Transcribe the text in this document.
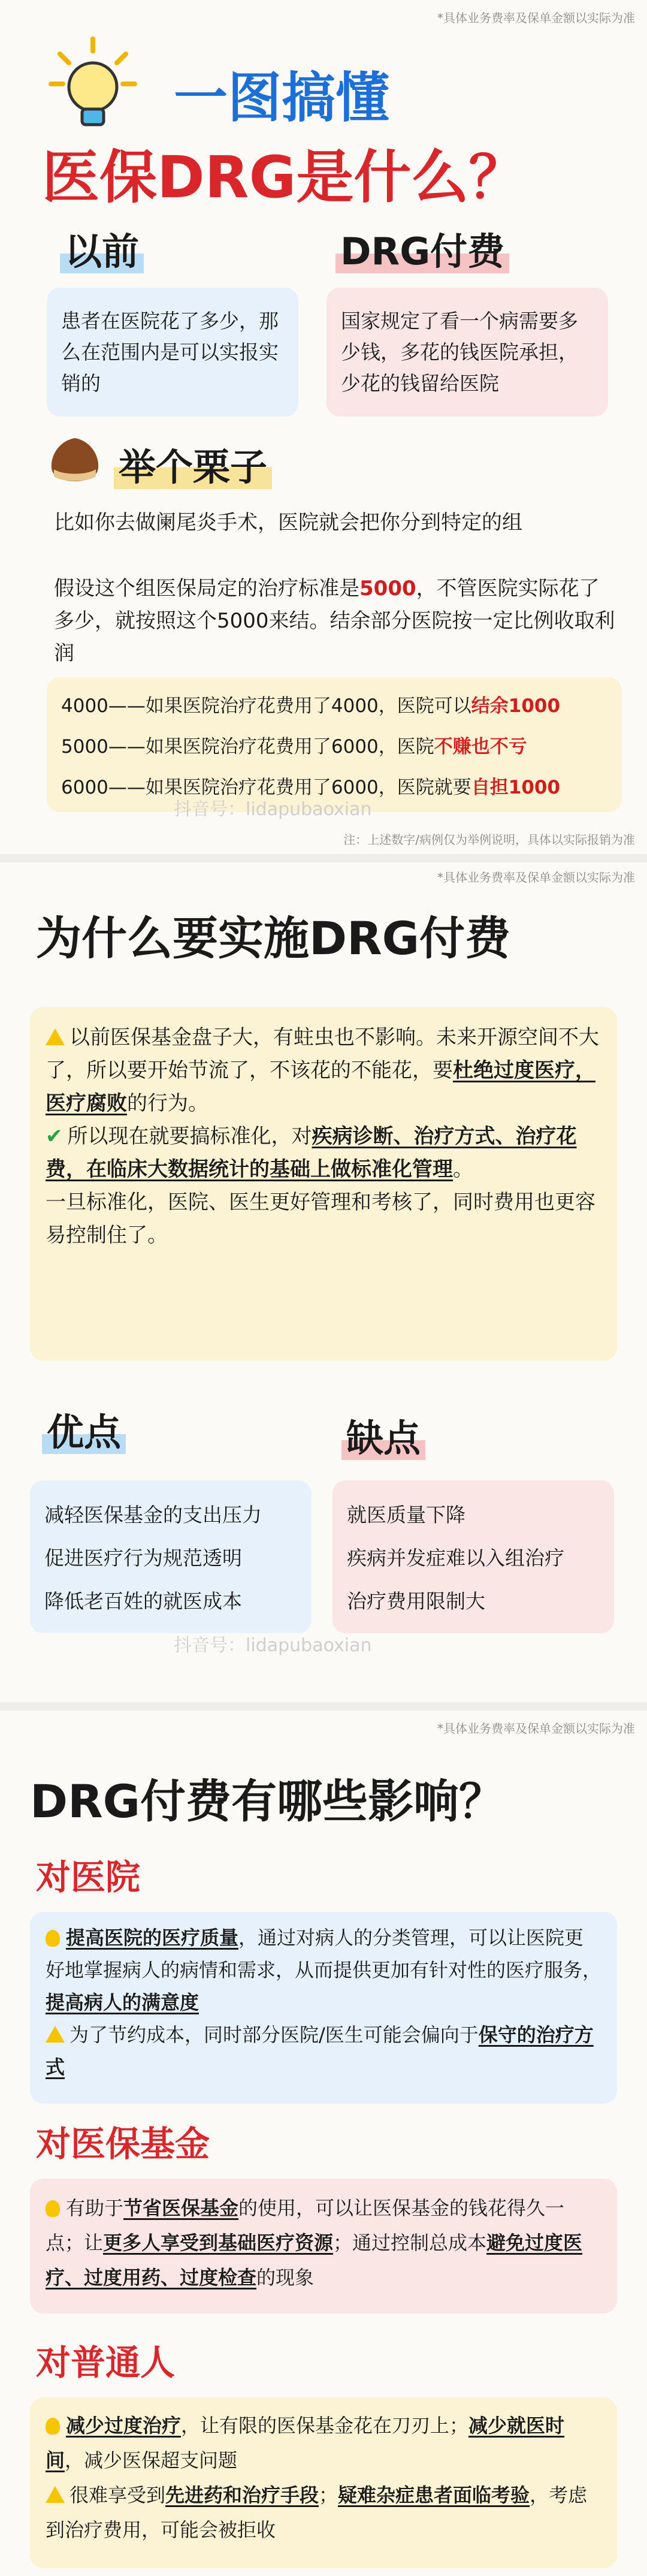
*具体业务费率及保单金额以实际为准
一图搞懂
医保DRG是什么？
以前	DRG付费
患者在医院花了多少，那么在范围内是可以实报实销的
国家规定了看一个病需要多少钱，多花的钱医院承担，少花的钱留给医院
举个栗子
比如你去做阑尾炎手术，医院就会把你分到特定的组
假设这个组医保局定的治疗标准是5000，不管医院实际花了多少，就按照这个5000来结。结余部分医院按一定比例收取利润
4000——如果医院治疗花费用了4000，医院可以结余1000
5000——如果医院治疗花费用了6000，医院不赚也不亏
6000——如果医院治疗花费用了6000，医院就要自担1000
抖音号：lidapubaoxian
注：上述数字/病例仅为举例说明，具体以实际报销为准
*具体业务费率及保单金额以实际为准
为什么要实施DRG付费
以前医保基金盘子大，有蛀虫也不影响。未来开源空间不大了，所以要开始节流了，不该花的不能花，要杜绝过度医疗，医疗腐败的行为。
✔ 所以现在就要搞标准化，对疾病诊断、治疗方式、治疗花费，在临床大数据统计的基础上做标准化管理。
一旦标准化，医院、医生更好管理和考核了，同时费用也更容易控制住了。
优点	缺点
减轻医保基金的支出压力
促进医疗行为规范透明
降低老百姓的就医成本
就医质量下降
疾病并发症难以入组治疗
治疗费用限制大
抖音号：lidapubaoxian
*具体业务费率及保单金额以实际为准
DRG付费有哪些影响？
对医院
提高医院的医疗质量，通过对病人的分类管理，可以让医院更好地掌握病人的病情和需求，从而提供更加有针对性的医疗服务，提高病人的满意度
为了节约成本，同时部分医院/医生可能会偏向于保守的治疗方式
对医保基金
有助于节省医保基金的使用，可以让医保基金的钱花得久一点；让更多人享受到基础医疗资源；通过控制总成本避免过度医疗、过度用药、过度检查的现象
对普通人
减少过度治疗，让有限的医保基金花在刀刃上；减少就医时间，减少医保超支问题
很难享受到先进药和治疗手段；疑难杂症患者面临考验，考虑到治疗费用，可能会被拒收
